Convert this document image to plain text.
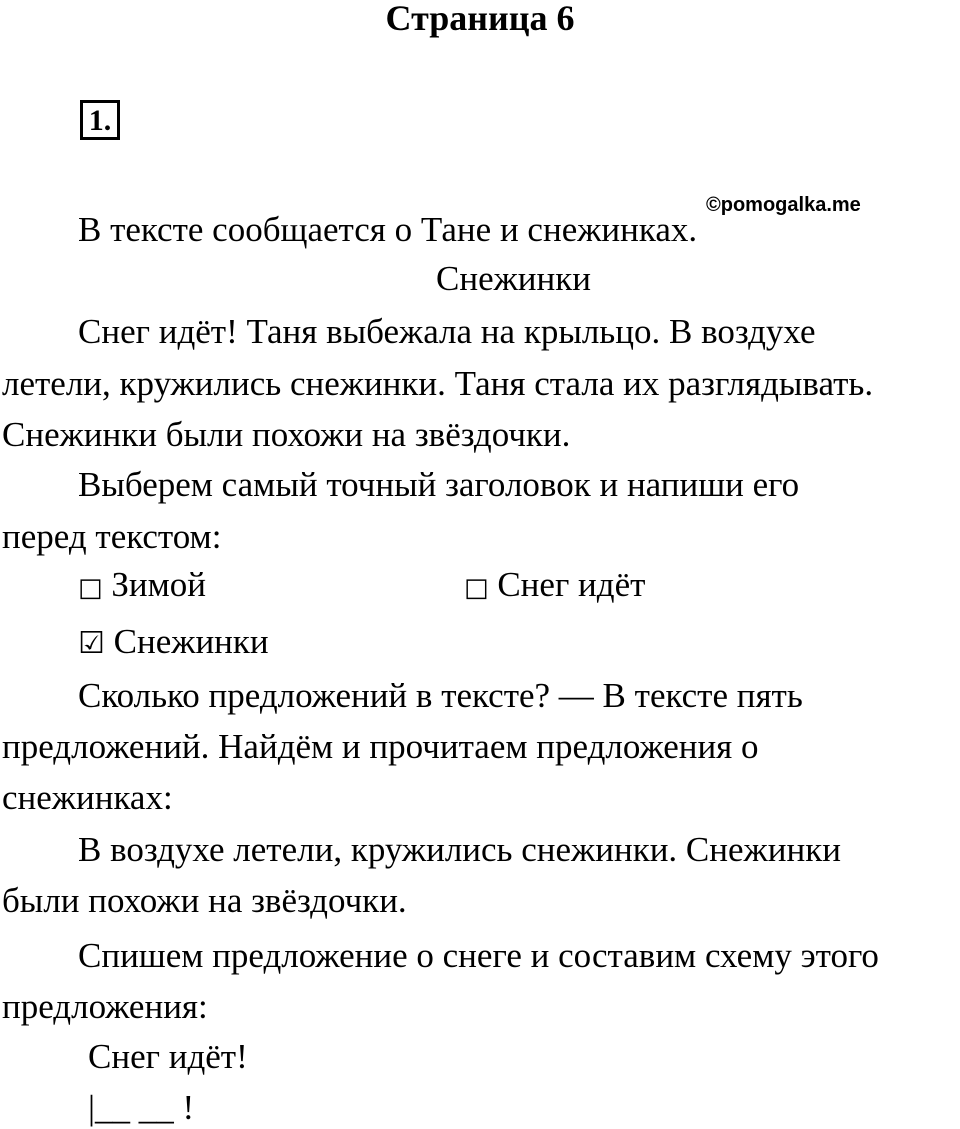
Страница 6
1.
©pomogalka.me
В тексте сообщается о Тане и снежинках.
Снежинки
Снег идёт! Таня выбежала на крыльцо. В воздухе
летели, кружились снежинки. Таня стала их разглядывать.
Снежинки были похожи на звёздочки.
Выберем самый точный заголовок и напиши его
перед текстом:
□ Зимой	□ Снег идёт
☑ Снежинки
Сколько предложений в тексте? — В тексте пять
предложений. Найдём и прочитаем предложения о
снежинках:
В воздухе летели, кружились снежинки. Снежинки
были похожи на звёздочки.
Спишем предложение о снеге и составим схему этого
предложения:
Снег идёт!
|__ __ !
